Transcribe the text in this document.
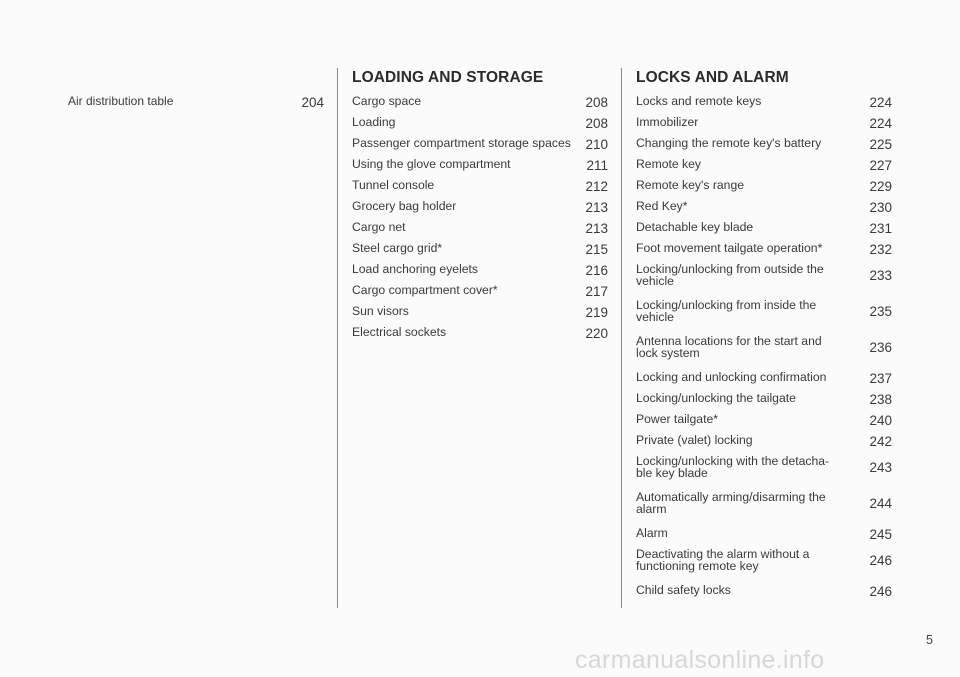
Air distribution table	204
LOADING AND STORAGE
Cargo space	208
Loading	208
Passenger compartment storage spaces 210
Using the glove compartment	211
Tunnel console	212
Grocery bag holder	213
Cargo net	213
Steel cargo grid*	215
Load anchoring eyelets	216
Cargo compartment cover*	217
Sun visors	219
Electrical sockets	220
LOCKS AND ALARM
Locks and remote keys	224
Immobilizer	224
Changing the remote key's battery	225
Remote key	227
Remote key's range	229
Red Key*	230
Detachable key blade	231
Foot movement tailgate operation*	232
Locking/unlocking from outside the vehicle	233
Locking/unlocking from inside the vehicle	235
Antenna locations for the start and lock system	236
Locking and unlocking confirmation	237
Locking/unlocking the tailgate	238
Power tailgate*	240
Private (valet) locking	242
Locking/unlocking with the detacha- ble key blade	243
Automatically arming/disarming the alarm	244
Alarm	245
Deactivating the alarm without a functioning remote key	246
Child safety locks	246
5
carmanualsonline.info
